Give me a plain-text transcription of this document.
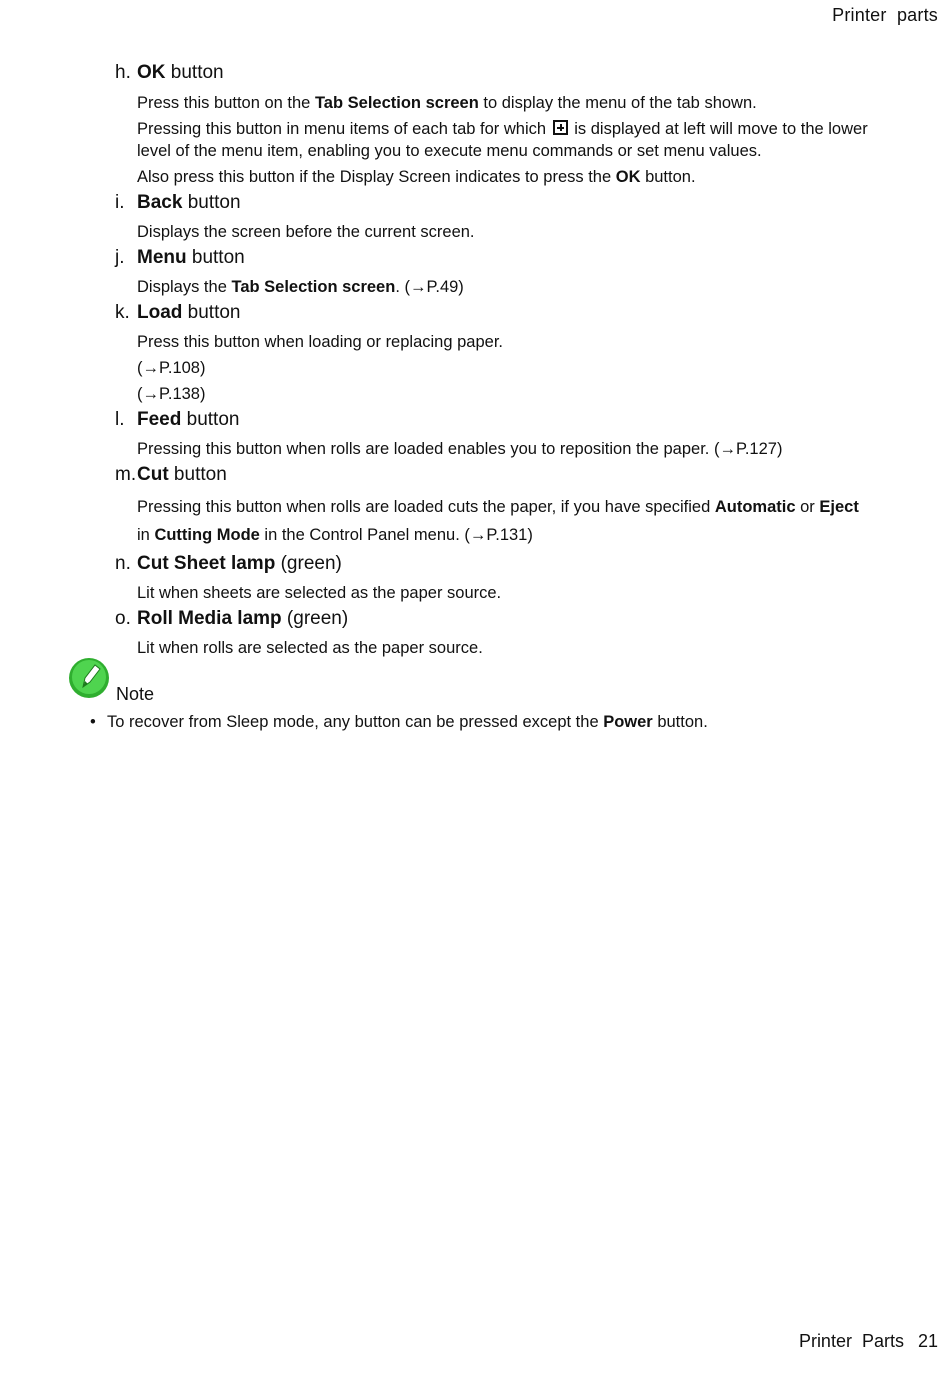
Printer  parts
h. OK button
Press this button on the Tab Selection screen to display the menu of the tab shown.
Pressing this button in menu items of each tab for which  is displayed at left will move to the lower level of the menu item, enabling you to execute menu commands or set menu values.
Also press this button if the Display Screen indicates to press the OK button.
i. Back button
Displays the screen before the current screen.
j. Menu button
Displays the Tab Selection screen. (→P.49)
k. Load button
Press this button when loading or replacing paper.
(→P.108)
(→P.138)
l. Feed button
Pressing this button when rolls are loaded enables you to reposition the paper. (→P.127)
m. Cut button
Pressing this button when rolls are loaded cuts the paper, if you have specified Automatic or Eject
in Cutting Mode in the Control Panel menu. (→P.131)
n. Cut Sheet lamp (green)
Lit when sheets are selected as the paper source.
o. Roll Media lamp (green)
Lit when rolls are selected as the paper source.
Note
• To recover from Sleep mode, any button can be pressed except the Power button.
Printer  Parts 21
